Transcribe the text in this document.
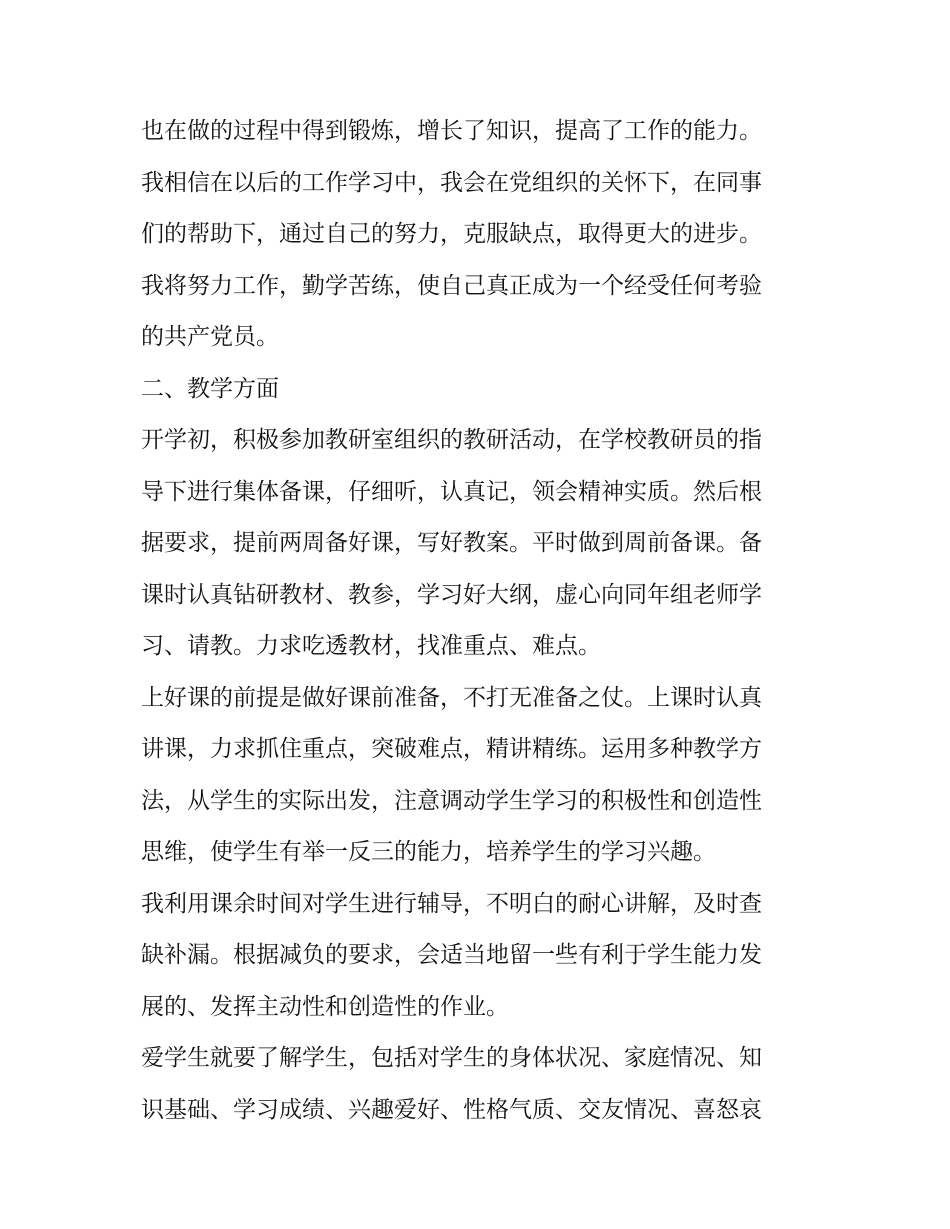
也在做的过程中得到锻炼，增长了知识，提高了工作的能力。
我相信在以后的工作学习中，我会在党组织的关怀下，在同事
们的帮助下，通过自己的努力，克服缺点，取得更大的进步。
我将努力工作，勤学苦练，使自己真正成为一个经受任何考验
的共产党员。
二、教学方面
开学初，积极参加教研室组织的教研活动，在学校教研员的指
导下进行集体备课，仔细听，认真记，领会精神实质。然后根
据要求，提前两周备好课，写好教案。平时做到周前备课。备
课时认真钻研教材、教参，学习好大纲，虚心向同年组老师学
习、请教。力求吃透教材，找准重点、难点。
上好课的前提是做好课前准备，不打无准备之仗。上课时认真
讲课，力求抓住重点，突破难点，精讲精练。运用多种教学方
法，从学生的实际出发，注意调动学生学习的积极性和创造性
思维，使学生有举一反三的能力，培养学生的学习兴趣。
我利用课余时间对学生进行辅导，不明白的耐心讲解，及时查
缺补漏。根据减负的要求，会适当地留一些有利于学生能力发
展的、发挥主动性和创造性的作业。
爱学生就要了解学生，包括对学生的身体状况、家庭情况、知
识基础、学习成绩、兴趣爱好、性格气质、交友情况、喜怒哀
